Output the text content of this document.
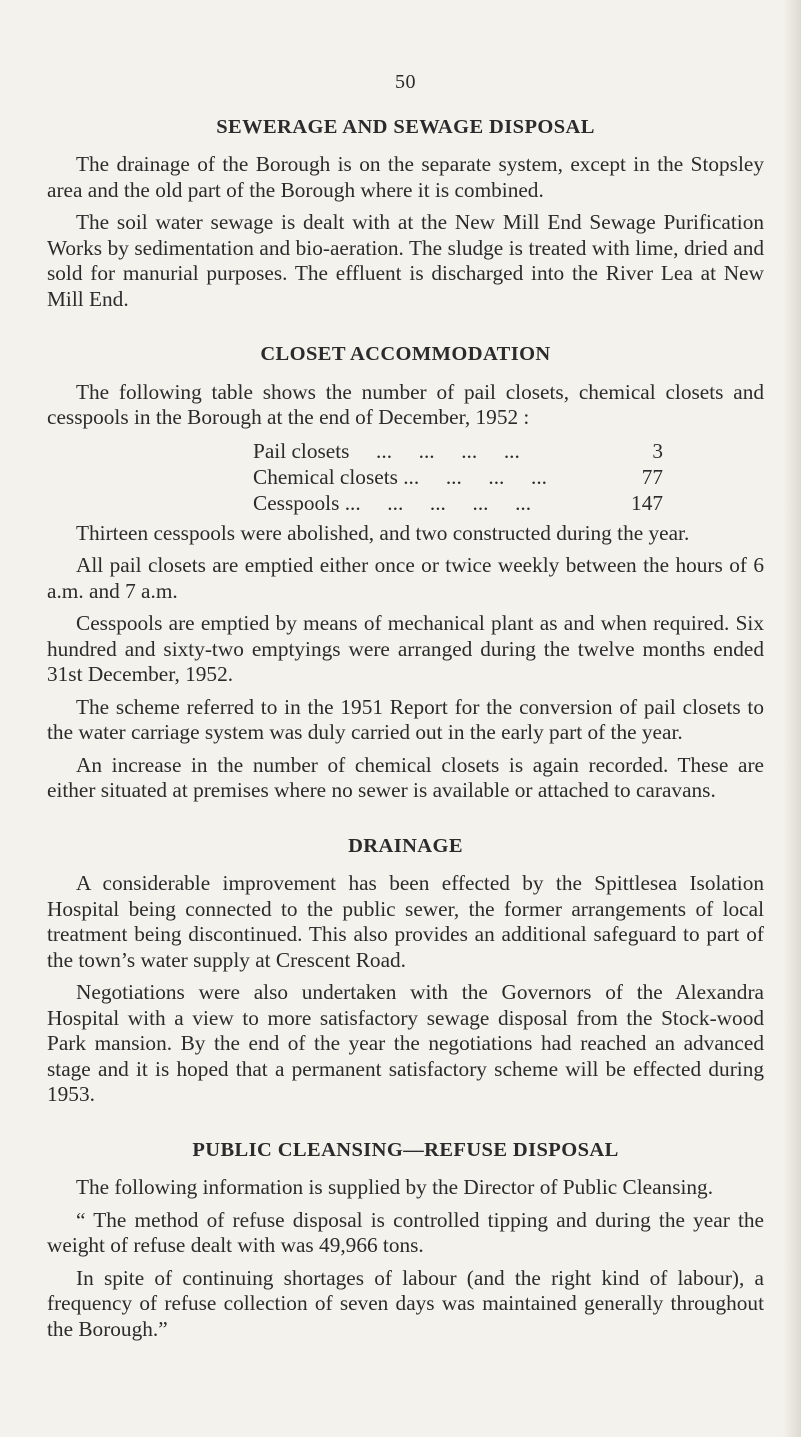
50
SEWERAGE AND SEWAGE DISPOSAL

The drainage of the Borough is on the separate system, except in the Stopsley area and the old part of the Borough where it is combined.

The soil water sewage is dealt with at the New Mill End Sewage Purification Works by sedimentation and bio-aeration. The sludge is treated with lime, dried and sold for manurial purposes. The effluent is discharged into the River Lea at New Mill End.

CLOSET ACCOMMODATION

The following table shows the number of pail closets, chemical closets and cesspools in the Borough at the end of December, 1952 :

Pail closets     ...     ...     ...     ...	3
Chemical closets ...     ...     ...     ...	77
Cesspools ...     ...     ...     ...     ...	147

Thirteen cesspools were abolished, and two constructed during the year.

All pail closets are emptied either once or twice weekly between the hours of 6 a.m. and 7 a.m.

Cesspools are emptied by means of mechanical plant as and when required. Six hundred and sixty-two emptyings were arranged during the twelve months ended 31st December, 1952.

The scheme referred to in the 1951 Report for the conversion of pail closets to the water carriage system was duly carried out in the early part of the year.

An increase in the number of chemical closets is again recorded. These are either situated at premises where no sewer is available or attached to caravans.

DRAINAGE

A considerable improvement has been effected by the Spittlesea Isolation Hospital being connected to the public sewer, the former arrangements of local treatment being discontinued. This also provides an additional safeguard to part of the town’s water supply at Crescent Road.

Negotiations were also undertaken with the Governors of the Alexandra Hospital with a view to more satisfactory sewage disposal from the Stock-wood Park mansion. By the end of the year the negotiations had reached an advanced stage and it is hoped that a permanent satisfactory scheme will be effected during 1953.

PUBLIC CLEANSING—REFUSE DISPOSAL

The following information is supplied by the Director of Public Cleansing.

“ The method of refuse disposal is controlled tipping and during the year the weight of refuse dealt with was 49,966 tons.

In spite of continuing shortages of labour (and the right kind of labour), a frequency of refuse collection of seven days was maintained generally throughout the Borough.”
